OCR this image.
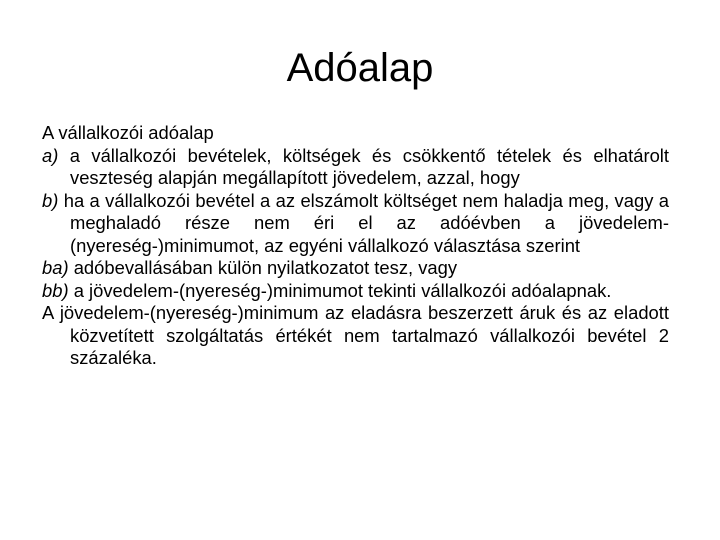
Adóalap

A vállalkozói adóalap

a) a vállalkozói bevételek, költségek és csökkentő tételek és elhatárolt veszteség alapján megállapított jövedelem, azzal, hogy

b) ha a vállalkozói bevétel a az elszámolt költséget nem haladja meg, vagy a meghaladó része nem éri el az adóévben a jövedelem-(nyereség-)minimumot, az egyéni vállalkozó választása szerint

ba) adóbevallásában külön nyilatkozatot tesz, vagy

bb) a jövedelem-(nyereség-)minimumot tekinti vállalkozói adóalapnak.

A jövedelem-(nyereség-)minimum az eladásra beszerzett áruk és az eladott közvetített szolgáltatás értékét nem tartalmazó vállalkozói bevétel 2 százaléka.
